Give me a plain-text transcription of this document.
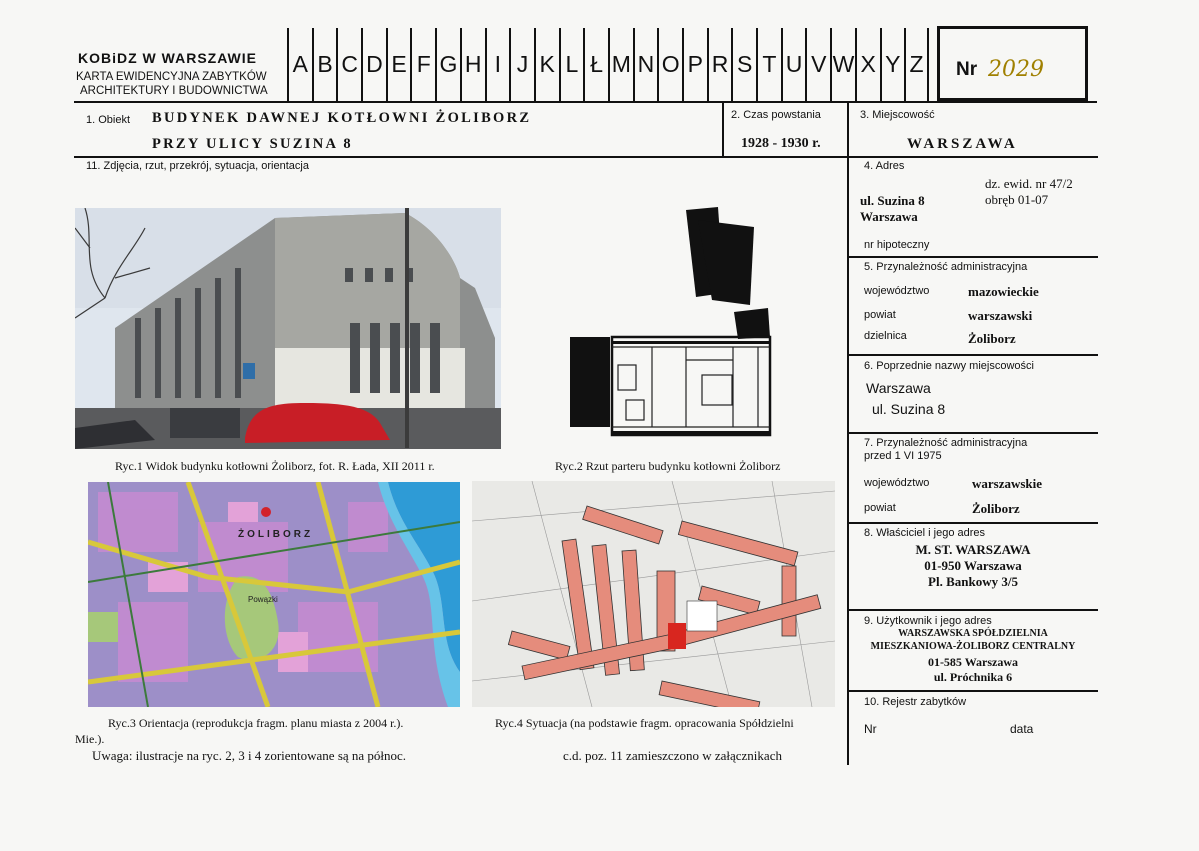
KOBiDZ W WARSZAWIE
KARTA EWIDENCYJNA ZABYTKÓW
ARCHITEKTURY I BUDOWNICTWA
A B C D E F G H I J K L Ł M N O P R S T U V W X Y Z Nr 2029
1. Obiekt BUDYNEK DAWNEJ KOTŁOWNI ŻOLIBORZ
PRZY ULICY SUZINA 8
2. Czas powstania
1928 - 1930 r.
3. Miejscowość
WARSZAWA
11. Zdjęcia, rzut, przekrój, sytuacja, orientacja	4. Adres
dz. ewid. nr 47/2
obręb 01-07
ul. Suzina 8
Warszawa
nr hipoteczny
5. Przynależność administracyjna
województwo	mazowieckie
powiat	warszawski
dzielnica	Żoliborz
6. Poprzednie nazwy miejscowości
Warszawa
ul. Suzina 8
7. Przynależność administracyjna
przed 1 VI 1975
województwo	warszawskie
powiat	Żoliborz
8. Właściciel i jego adres
M. ST. WARSZAWA
01-950 Warszawa
Pl. Bankowy 3/5
9. Użytkownik i jego adres
WARSZAWSKA SPÓŁDZIELNIA
MIESZKANIOWA-ŻOLIBORZ CENTRALNY
01-585 Warszawa
ul. Próchnika 6
10. Rejestr zabytków
Nr	data
Ryc.1 Widok budynku kotłowni Żoliborz, fot. R. Łada, XII 2011 r.	Ryc.2 Rzut parteru budynku kotłowni Żoliborz
ŻOLIBORZ
Powązki
Ryc.3 Orientacja (reprodukcja fragm. planu miasta z 2004 r.).
Mie.).
Uwaga: ilustracje na ryc. 2, 3 i 4 zorientowane są na północ.
Ryc.4 Sytuacja (na podstawie fragm. opracowania Spółdzielni
c.d. poz. 11 zamieszczono w załącznikach
